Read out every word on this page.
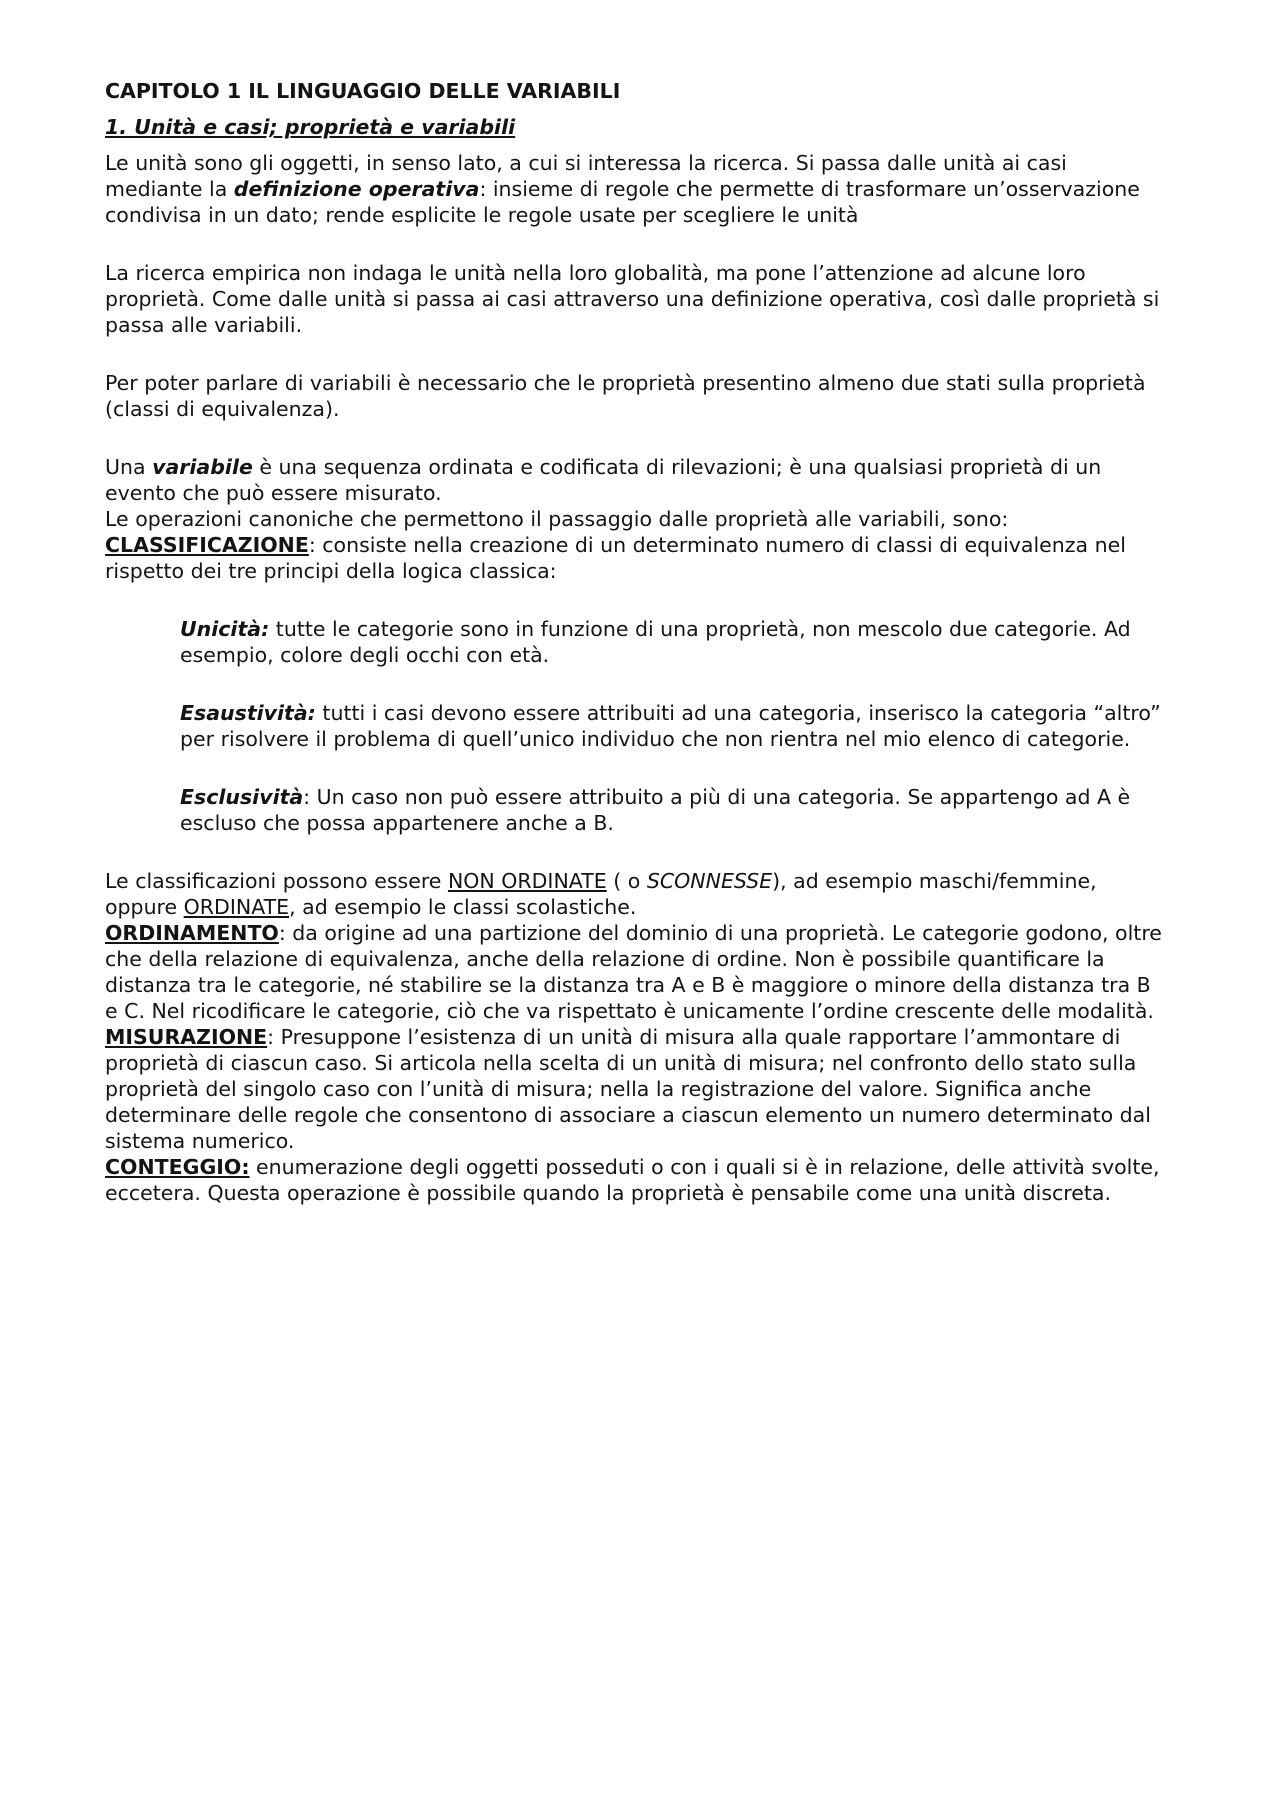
CAPITOLO 1 IL LINGUAGGIO DELLE VARIABILI
1. Unità e casi; proprietà e variabili

Le unità sono gli oggetti, in senso lato, a cui si interessa la ricerca. Si passa dalle unità ai casi mediante la definizione operativa: insieme di regole che permette di trasformare un’osservazione condivisa in un dato; rende esplicite le regole usate per scegliere le unità

La ricerca empirica non indaga le unità nella loro globalità, ma pone l’attenzione ad alcune loro proprietà. Come dalle unità si passa ai casi attraverso una definizione operativa, così dalle proprietà si passa alle variabili.

Per poter parlare di variabili è necessario che le proprietà presentino almeno due stati sulla proprietà (classi di equivalenza).

Una variabile è una sequenza ordinata e codificata di rilevazioni; è una qualsiasi proprietà di un evento che può essere misurato.

Le operazioni canoniche che permettono il passaggio dalle proprietà alle variabili, sono:

CLASSIFICAZIONE: consiste nella creazione di un determinato numero di classi di equivalenza nel rispetto dei tre principi della logica classica:

Unicità: tutte le categorie sono in funzione di una proprietà, non mescolo due categorie. Ad esempio, colore degli occhi con età.

Esaustività: tutti i casi devono essere attribuiti ad una categoria, inserisco la categoria “altro” per risolvere il problema di quell’unico individuo che non rientra nel mio elenco di categorie.

Esclusività: Un caso non può essere attribuito a più di una categoria. Se appartengo ad A è escluso che possa appartenere anche a B.

Le classificazioni possono essere NON ORDINATE ( o SCONNESSE), ad esempio maschi/femmine, oppure ORDINATE, ad esempio le classi scolastiche.

ORDINAMENTO: da origine ad una partizione del dominio di una proprietà. Le categorie godono, oltre che della relazione di equivalenza, anche della relazione di ordine. Non è possibile quantificare la distanza tra le categorie, né stabilire se la distanza tra A e B è maggiore o minore della distanza tra B e C. Nel ricodificare le categorie, ciò che va rispettato è unicamente l’ordine crescente delle modalità.

MISURAZIONE: Presuppone l’esistenza di un unità di misura alla quale rapportare l’ammontare di proprietà di ciascun caso. Si articola nella scelta di un unità di misura; nel confronto dello stato sulla proprietà del singolo caso con l’unità di misura; nella la registrazione del valore. Significa anche determinare delle regole che consentono di associare a ciascun elemento un numero determinato dal sistema numerico.

CONTEGGIO: enumerazione degli oggetti posseduti o con i quali si è in relazione, delle attività svolte, eccetera. Questa operazione è possibile quando la proprietà è pensabile come una unità discreta.
